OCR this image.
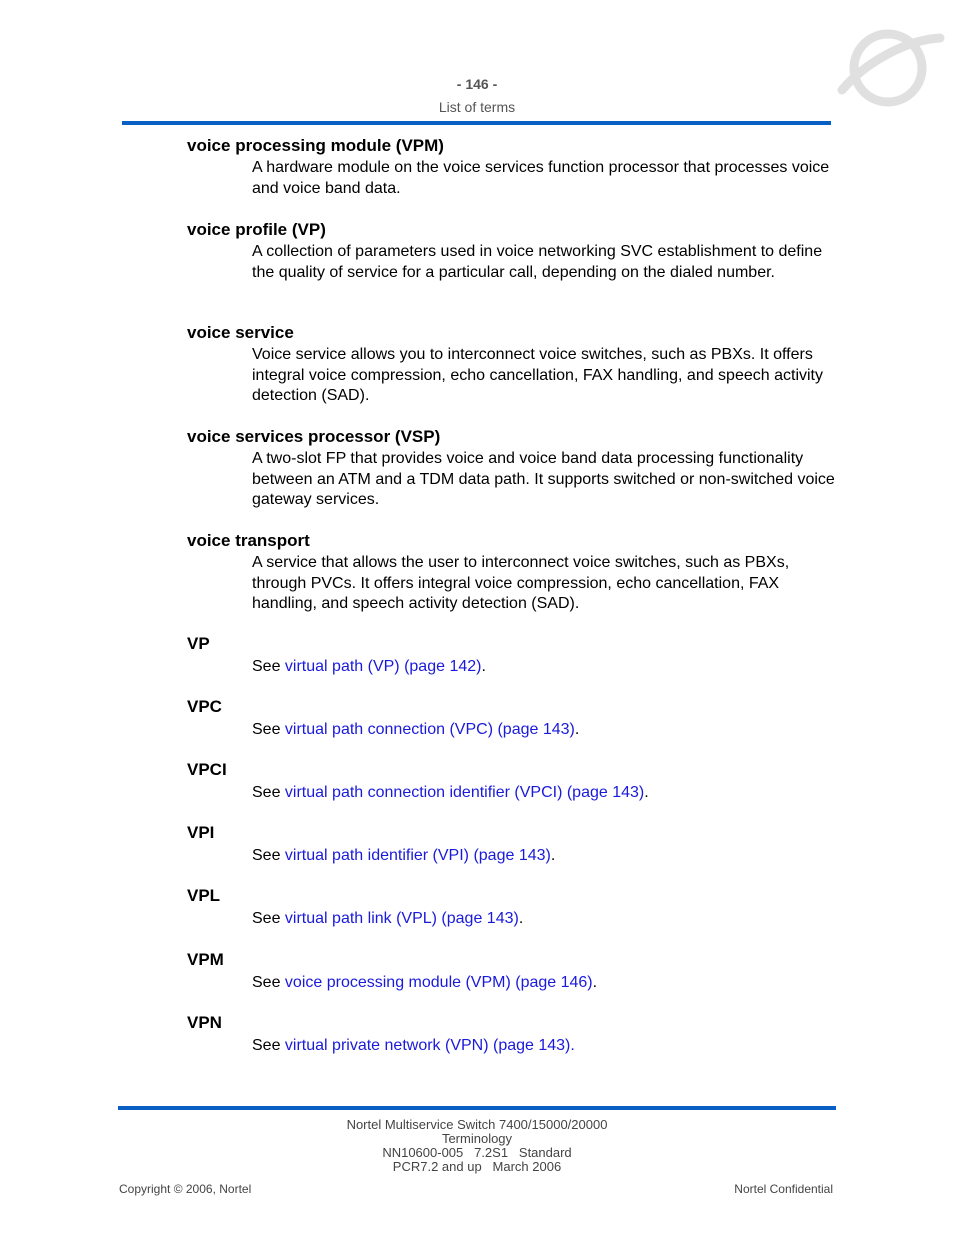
- 146 -
List of terms
voice processing module (VPM)
A hardware module on the voice services function processor that processes voice and voice band data.
voice profile (VP)
A collection of parameters used in voice networking SVC establishment to define the quality of service for a particular call, depending on the dialed number.
voice service
Voice service allows you to interconnect voice switches, such as PBXs. It offers integral voice compression, echo cancellation, FAX handling, and speech activity detection (SAD).
voice services processor (VSP)
A two-slot FP that provides voice and voice band data processing functionality between an ATM and a TDM data path. It supports switched or non-switched voice gateway services.
voice transport
A service that allows the user to interconnect voice switches, such as PBXs, through PVCs. It offers integral voice compression, echo cancellation, FAX handling, and speech activity detection (SAD).
VP
See virtual path (VP) (page 142).
VPC
See virtual path connection (VPC) (page 143).
VPCI
See virtual path connection identifier (VPCI) (page 143).
VPI
See virtual path identifier (VPI) (page 143).
VPL
See virtual path link (VPL) (page 143).
VPM
See voice processing module (VPM) (page 146).
VPN
See virtual private network (VPN) (page 143).
Nortel Multiservice Switch 7400/15000/20000
Terminology
NN10600-005   7.2S1   Standard
PCR7.2 and up   March 2006
Copyright © 2006, Nortel	Nortel Confidential
